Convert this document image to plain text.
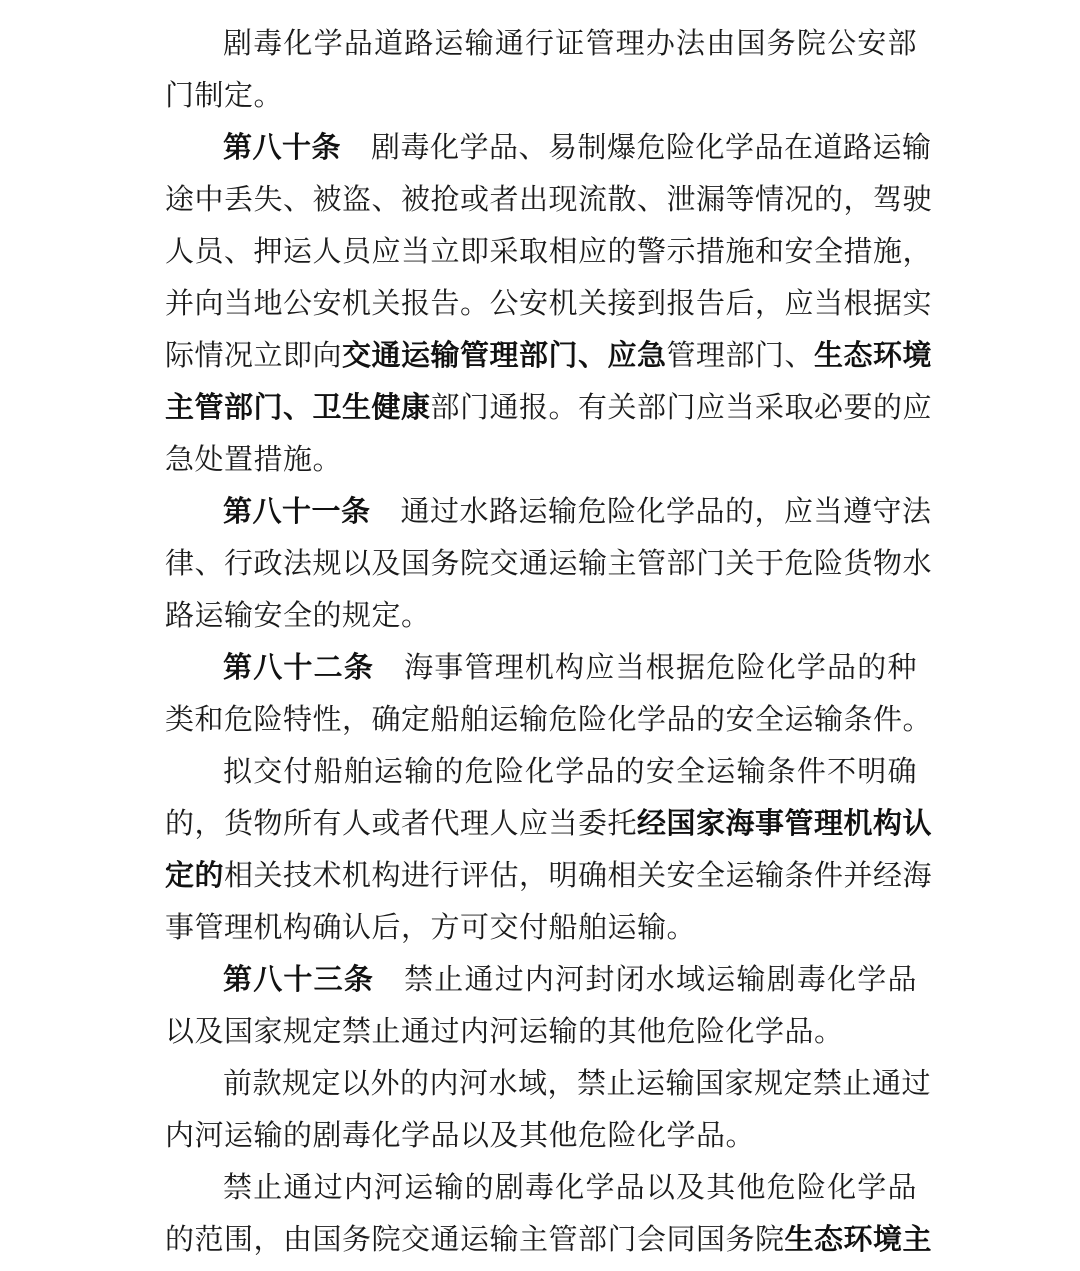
剧毒化学品道路运输通行证管理办法由国务院公安部
门制定。
第八十条 剧毒化学品、易制爆危险化学品在道路运输
途中丢失、被盗、被抢或者出现流散、泄漏等情况的，驾驶
人员、押运人员应当立即采取相应的警示措施和安全措施，
并向当地公安机关报告。公安机关接到报告后，应当根据实
际情况立即向交通运输管理部门、应急管理部门、生态环境
主管部门、卫生健康部门通报。有关部门应当采取必要的应
急处置措施。
第八十一条 通过水路运输危险化学品的，应当遵守法
律、行政法规以及国务院交通运输主管部门关于危险货物水
路运输安全的规定。
第八十二条 海事管理机构应当根据危险化学品的种
类和危险特性，确定船舶运输危险化学品的安全运输条件。
拟交付船舶运输的危险化学品的安全运输条件不明确
的，货物所有人或者代理人应当委托经国家海事管理机构认
定的相关技术机构进行评估，明确相关安全运输条件并经海
事管理机构确认后，方可交付船舶运输。
第八十三条 禁止通过内河封闭水域运输剧毒化学品
以及国家规定禁止通过内河运输的其他危险化学品。
前款规定以外的内河水域，禁止运输国家规定禁止通过
内河运输的剧毒化学品以及其他危险化学品。
禁止通过内河运输的剧毒化学品以及其他危险化学品
的范围，由国务院交通运输主管部门会同国务院生态环境主
